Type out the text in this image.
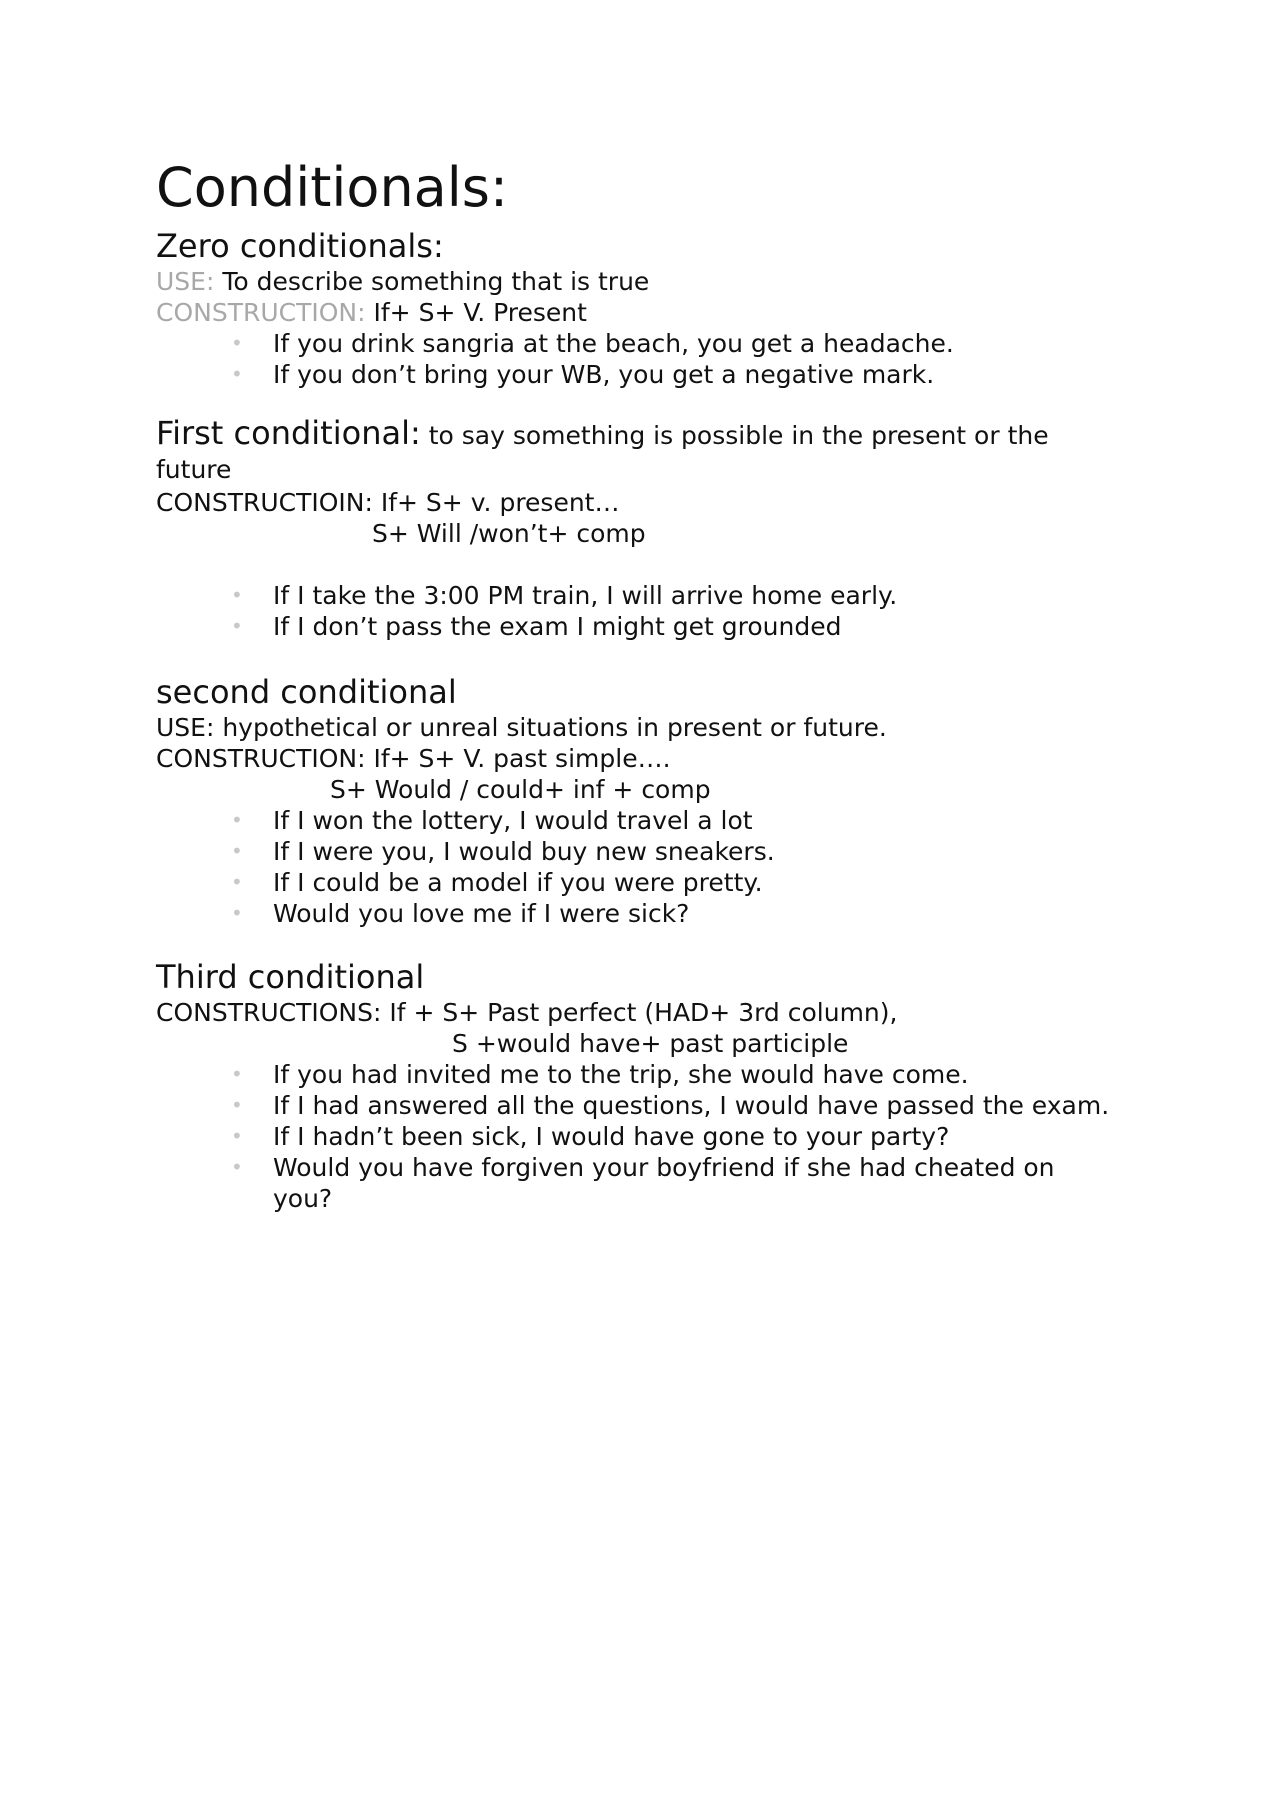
Conditionals:
Zero conditionals:

USE: To describe something that is true

CONSTRUCTION: If+ S+ V. Present

• If you drink sangria at the beach, you get a headache.
• If you don’t bring your WB, you get a negative mark.

First conditional: to say something is possible in the present or the future

CONSTRUCTIOIN: If+ S+ v. present…

S+ Will /won’t+ comp

• If I take the 3:00 PM train, I will arrive home early.
• If I don’t pass the exam I might get grounded
second conditional

USE: hypothetical or unreal situations in present or future.

CONSTRUCTION: If+ S+ V. past simple….

S+ Would / could+ inf + comp

• If I won the lottery, I would travel a lot
• If I were you, I would buy new sneakers.
• If I could be a model if you were pretty.
• Would you love me if I were sick?
Third conditional

CONSTRUCTIONS: If + S+ Past perfect (HAD+ 3rd column),

S +would have+ past participle

• If you had invited me to the trip, she would have come.
• If I had answered all the questions, I would have passed the exam.
• If I hadn’t been sick, I would have gone to your party?
• Would you have forgiven your boyfriend if she had cheated on you?
